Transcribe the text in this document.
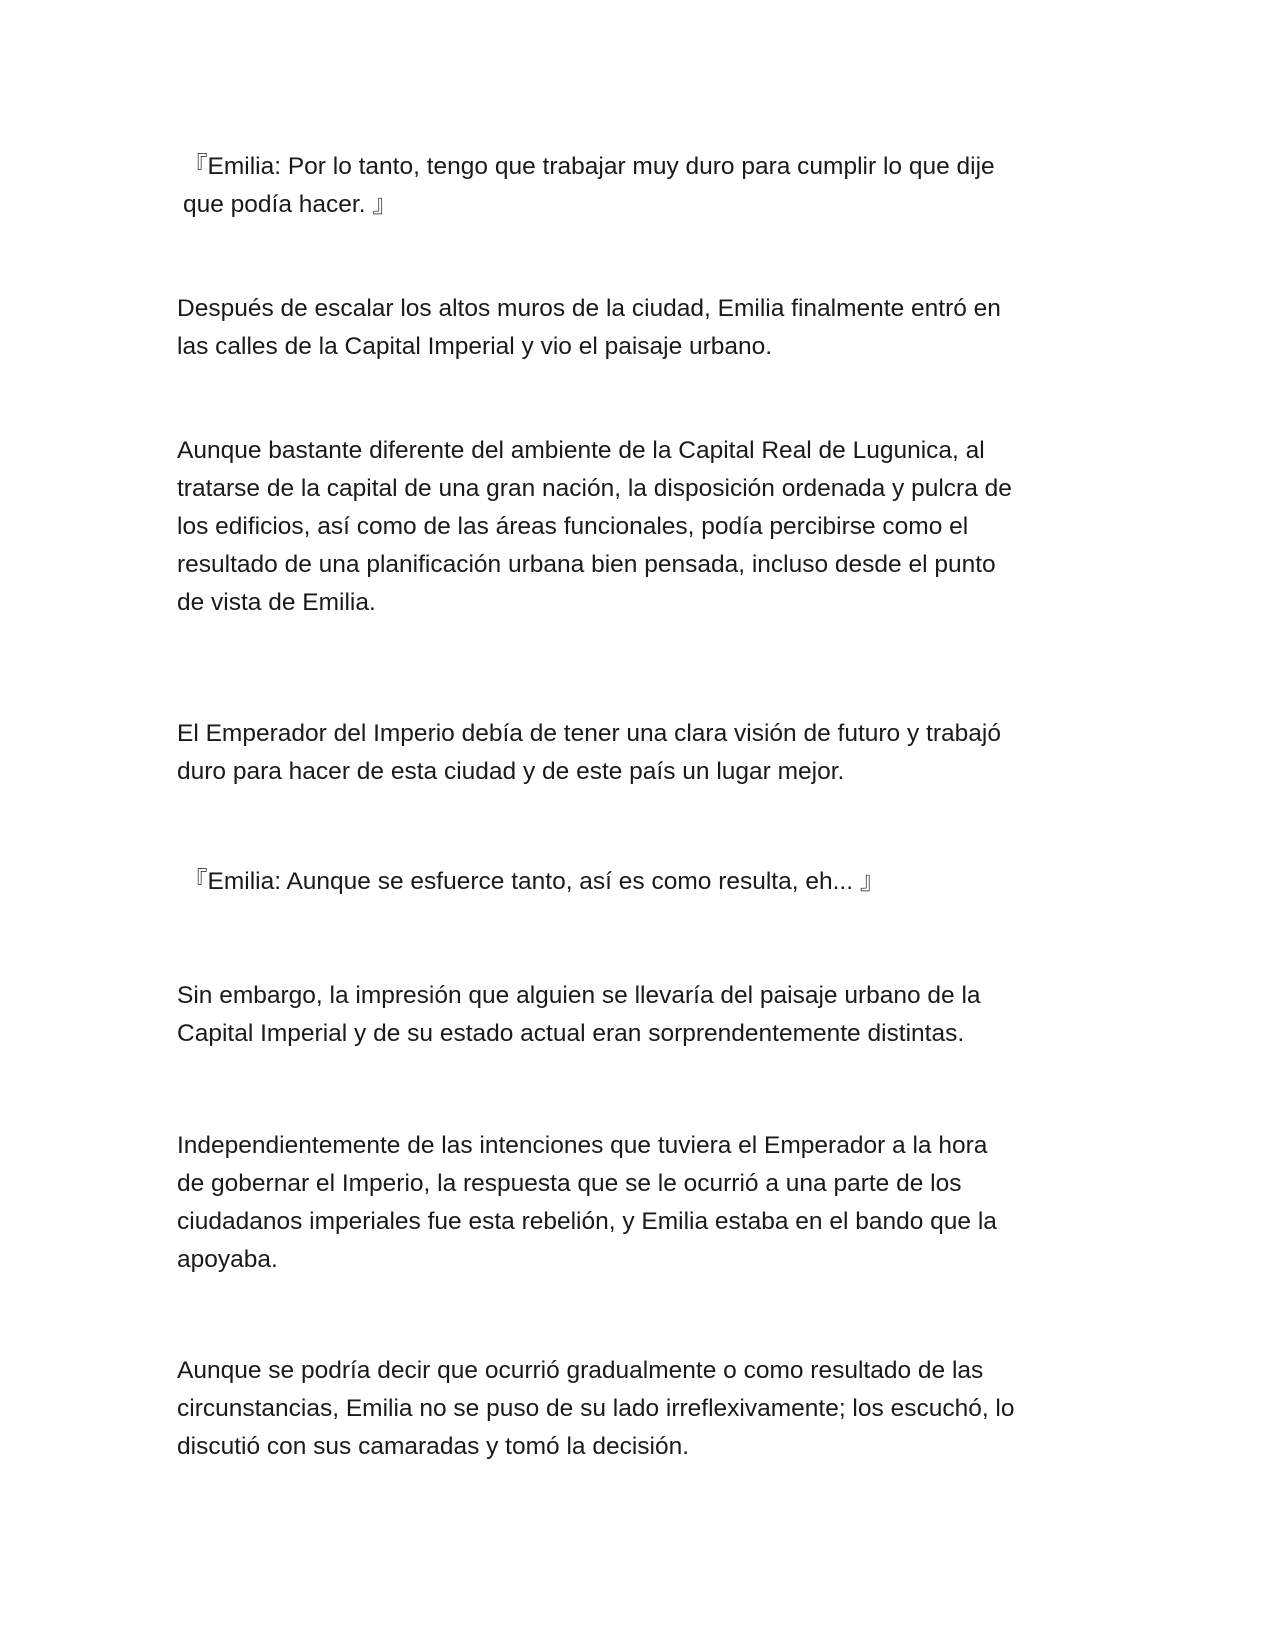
『Emilia: Por lo tanto, tengo que trabajar muy duro para cumplir lo que dije
que podía hacer. 』

Después de escalar los altos muros de la ciudad, Emilia finalmente entró en
las calles de la Capital Imperial y vio el paisaje urbano.

Aunque bastante diferente del ambiente de la Capital Real de Lugunica, al
tratarse de la capital de una gran nación, la disposición ordenada y pulcra de
los edificios, así como de las áreas funcionales, podía percibirse como el
resultado de una planificación urbana bien pensada, incluso desde el punto
de vista de Emilia.

El Emperador del Imperio debía de tener una clara visión de futuro y trabajó
duro para hacer de esta ciudad y de este país un lugar mejor.

『Emilia: Aunque se esfuerce tanto, así es como resulta, eh... 』

Sin embargo, la impresión que alguien se llevaría del paisaje urbano de la
Capital Imperial y de su estado actual eran sorprendentemente distintas.

Independientemente de las intenciones que tuviera el Emperador a la hora
de gobernar el Imperio, la respuesta que se le ocurrió a una parte de los
ciudadanos imperiales fue esta rebelión, y Emilia estaba en el bando que la
apoyaba.

Aunque se podría decir que ocurrió gradualmente o como resultado de las
circunstancias, Emilia no se puso de su lado irreflexivamente; los escuchó, lo
discutió con sus camaradas y tomó la decisión.
